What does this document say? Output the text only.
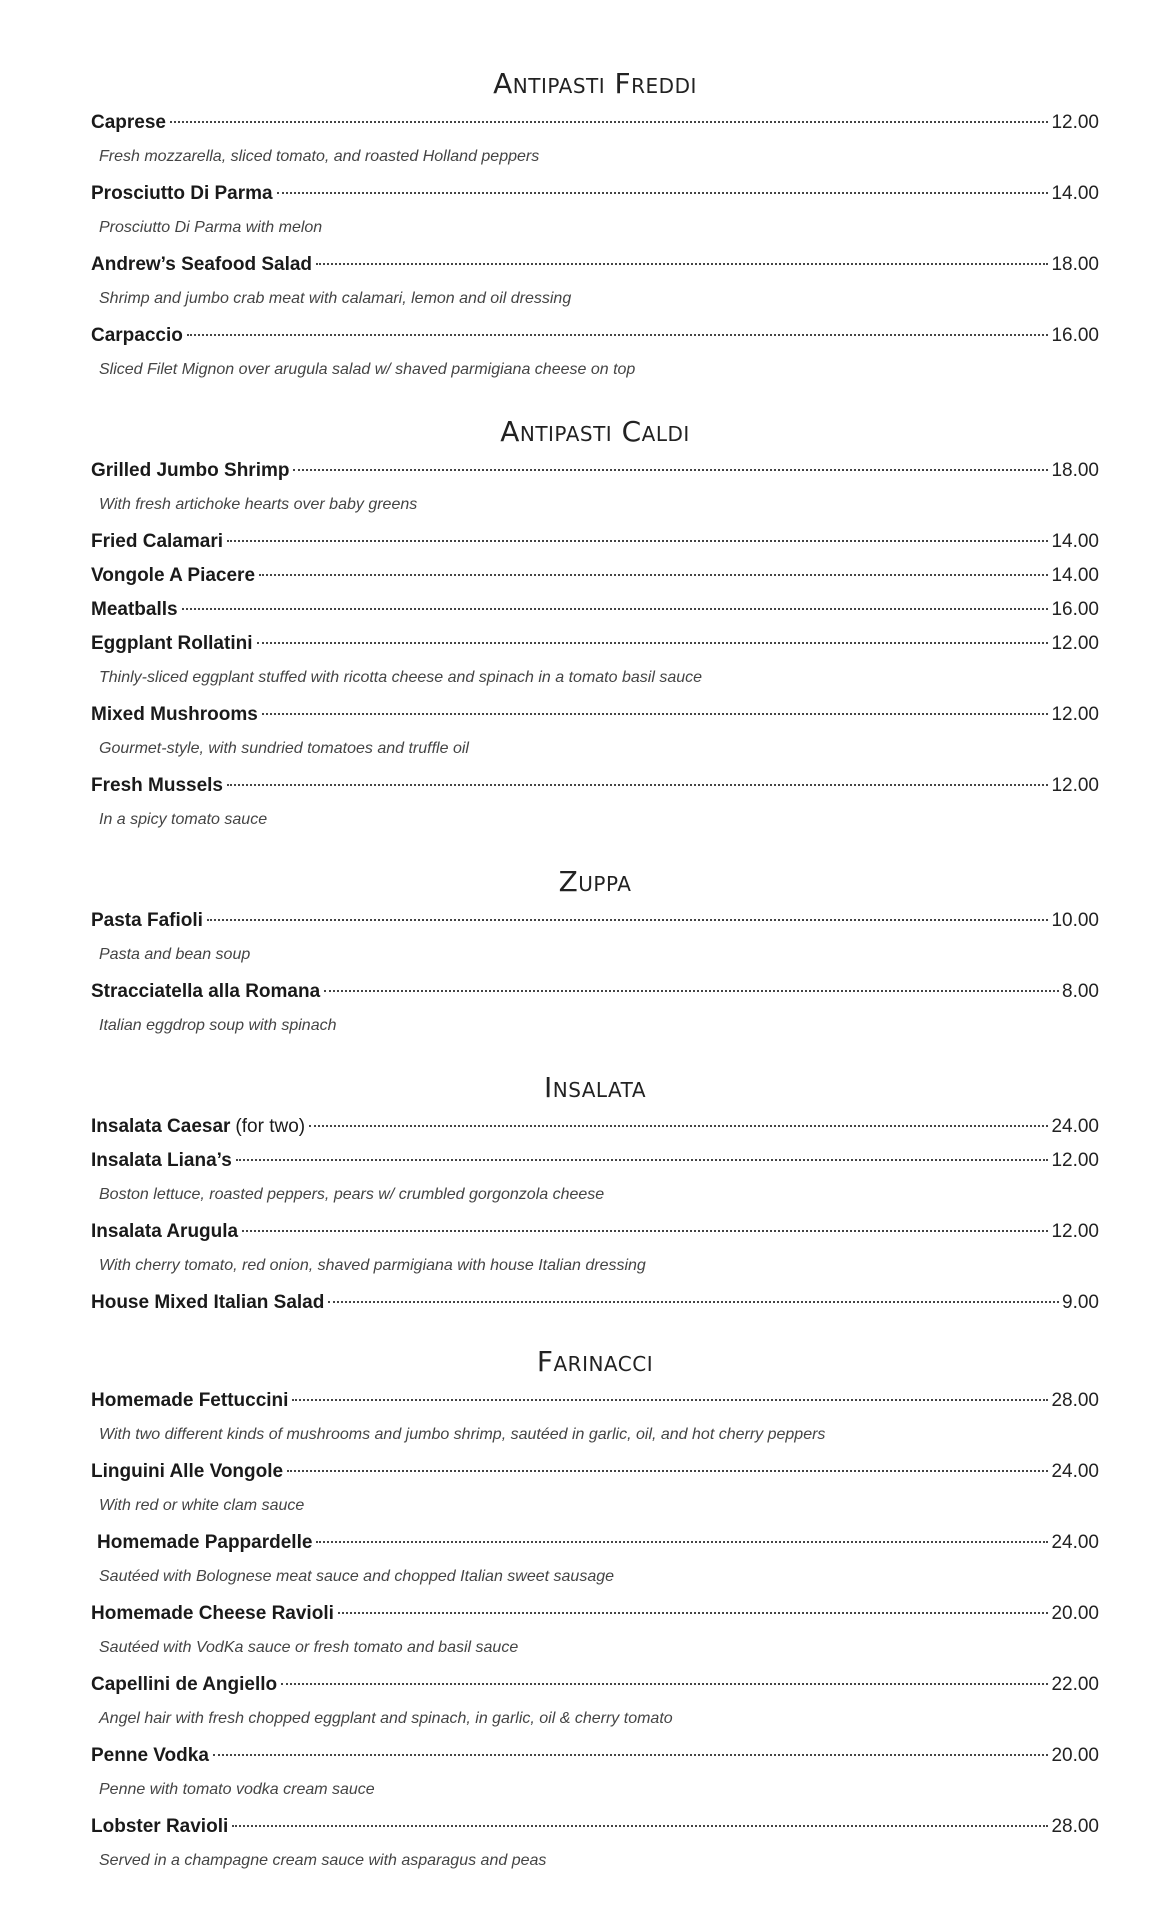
Antipasti Freddi
Caprese	12.00

Fresh mozzarella, sliced tomato, and roasted Holland peppers

Prosciutto Di Parma	14.00

Prosciutto Di Parma with melon

Andrew’s Seafood Salad	18.00

Shrimp and jumbo crab meat with calamari, lemon and oil dressing

Carpaccio	16.00

Sliced Filet Mignon over arugula salad w/ shaved parmigiana cheese on top

Antipasti Caldi
Grilled Jumbo Shrimp	18.00

With fresh artichoke hearts over baby greens

Fried Calamari	14.00
Vongole A Piacere	14.00
Meatballs	16.00
Eggplant Rollatini	12.00

Thinly-sliced eggplant stuffed with ricotta cheese and spinach in a tomato basil sauce

Mixed Mushrooms	12.00

Gourmet-style, with sundried tomatoes and truffle oil

Fresh Mussels	12.00

In a spicy tomato sauce

Zuppa
Pasta Fafioli	10.00

Pasta and bean soup

Stracciatella alla Romana	8.00

Italian eggdrop soup with spinach

Insalata
Insalata Caesar (for two)	24.00
Insalata Liana’s	12.00

Boston lettuce, roasted peppers, pears w/ crumbled gorgonzola cheese

Insalata Arugula	12.00

With cherry tomato, red onion, shaved parmigiana with house Italian dressing

House Mixed Italian Salad	9.00
Farinacci
Homemade Fettuccini	28.00

With two different kinds of mushrooms and jumbo shrimp, sautéed in garlic, oil, and hot cherry peppers

Linguini Alle Vongole	24.00

With red or white clam sauce

Homemade Pappardelle	24.00

Sautéed with Bolognese meat sauce and chopped Italian sweet sausage

Homemade Cheese Ravioli	20.00

Sautéed with VodKa sauce or fresh tomato and basil sauce

Capellini de Angiello	22.00

Angel hair with fresh chopped eggplant and spinach, in garlic, oil & cherry tomato

Penne Vodka	20.00

Penne with tomato vodka cream sauce

Lobster Ravioli	28.00

Served in a champagne cream sauce with asparagus and peas
